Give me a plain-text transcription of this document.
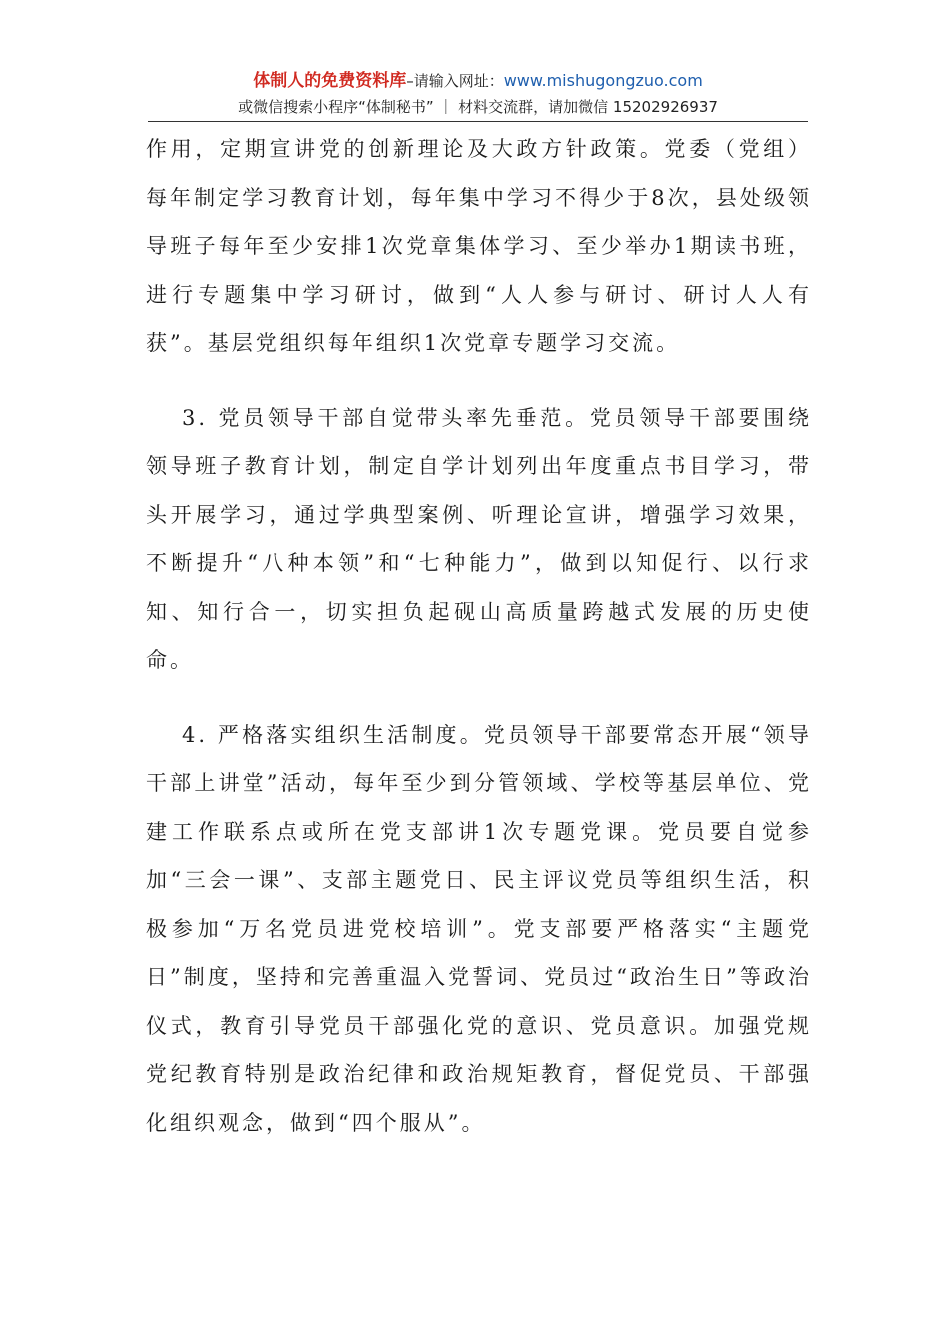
体制人的免费资料库–请输入网址：www.mishugongzuo.com
或微信搜索小程序“体制秘书” ｜ 材料交流群，请加微信 15202926937

作用，定期宣讲党的创新理论及大政方针政策。党委（党组）每年制定学习教育计划，每年集中学习不得少于8次，县处级领导班子每年至少安排1次党章集体学习、至少举办1期读书班，进行专题集中学习研讨，做到“人人参与研讨、研讨人人有获”。基层党组织每年组织1次党章专题学习交流。

3. 党员领导干部自觉带头率先垂范。党员领导干部要围绕领导班子教育计划，制定自学计划列出年度重点书目学习，带头开展学习，通过学典型案例、听理论宣讲，增强学习效果，不断提升“八种本领”和“七种能力”，做到以知促行、以行求知、知行合一，切实担负起砚山高质量跨越式发展的历史使命。

4. 严格落实组织生活制度。党员领导干部要常态开展“领导干部上讲堂”活动，每年至少到分管领域、学校等基层单位、党建工作联系点或所在党支部讲1次专题党课。党员要自觉参加“三会一课”、支部主题党日、民主评议党员等组织生活，积极参加“万名党员进党校培训”。党支部要严格落实“主题党日”制度，坚持和完善重温入党誓词、党员过“政治生日”等政治仪式，教育引导党员干部强化党的意识、党员意识。加强党规党纪教育特别是政治纪律和政治规矩教育，督促党员、干部强化组织观念，做到“四个服从”。
